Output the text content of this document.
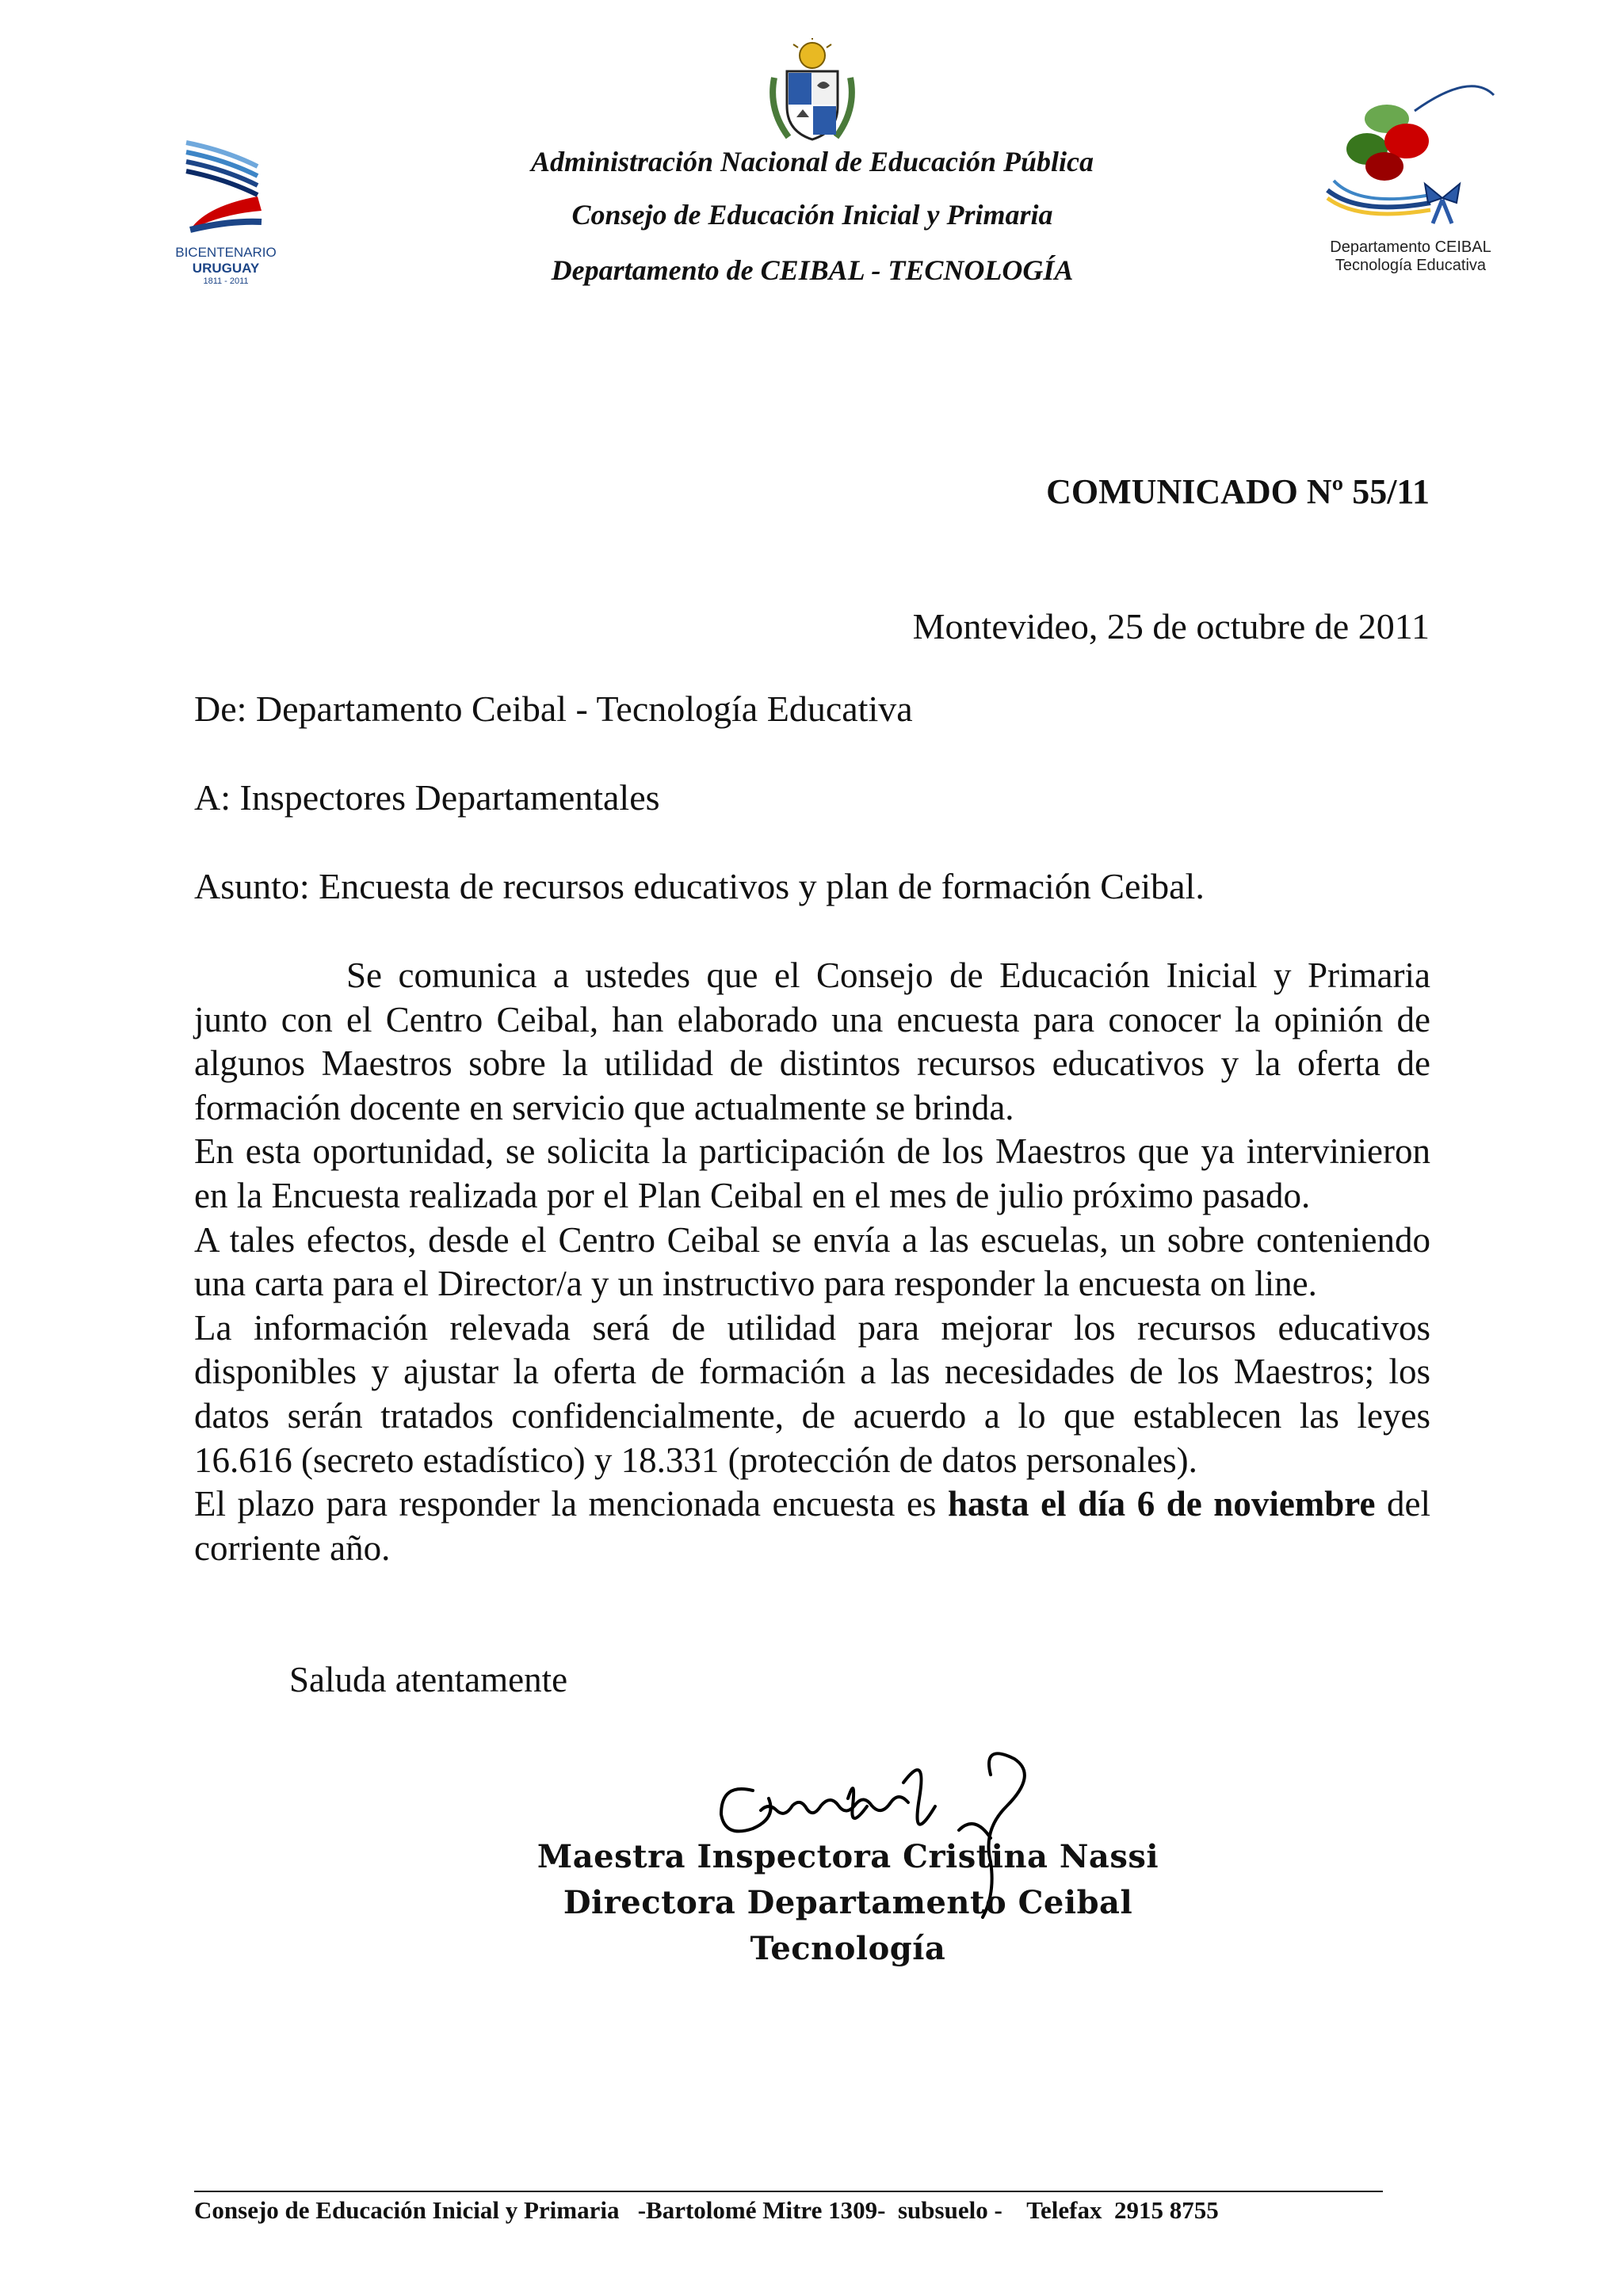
BICENTENARIO
URUGUAY
1811 - 2011
Administración Nacional de Educación Pública
Consejo de Educación Inicial y Primaria
Departamento de CEIBAL - TECNOLOGÍA
Departamento CEIBAL
Tecnología Educativa
COMUNICADO Nº 55/11
Montevideo, 25 de octubre de 2011
De: Departamento Ceibal - Tecnología Educativa
A: Inspectores Departamentales
Asunto: Encuesta de recursos educativos y plan de formación Ceibal.

Se comunica a ustedes que el Consejo de Educación Inicial y Primaria junto con el Centro Ceibal, han elaborado una encuesta para conocer la opinión de algunos Maestros sobre la utilidad de distintos recursos educativos y la oferta de formación docente en servicio que actualmente se brinda.

En esta oportunidad, se solicita la participación de los Maestros que ya intervinieron en la Encuesta realizada por el Plan Ceibal en el mes de julio próximo pasado.

A tales efectos, desde el Centro Ceibal se envía a las escuelas, un sobre conteniendo una carta para el Director/a y un instructivo para responder la encuesta on line.

La información relevada será de utilidad para mejorar los recursos educativos disponibles y ajustar la oferta de formación a las necesidades de los Maestros; los datos serán tratados confidencialmente, de acuerdo a lo que establecen las leyes 16.616 (secreto estadístico) y 18.331 (protección de datos personales).

El plazo para responder la mencionada encuesta es hasta el día 6 de noviembre del corriente año.

Saluda atentamente
Maestra Inspectora Cristina Nassi
Directora Departamento Ceibal Tecnología
Consejo de Educación Inicial y Primaria   -Bartolomé Mitre 1309-  subsuelo -    Telefax  2915 8755
